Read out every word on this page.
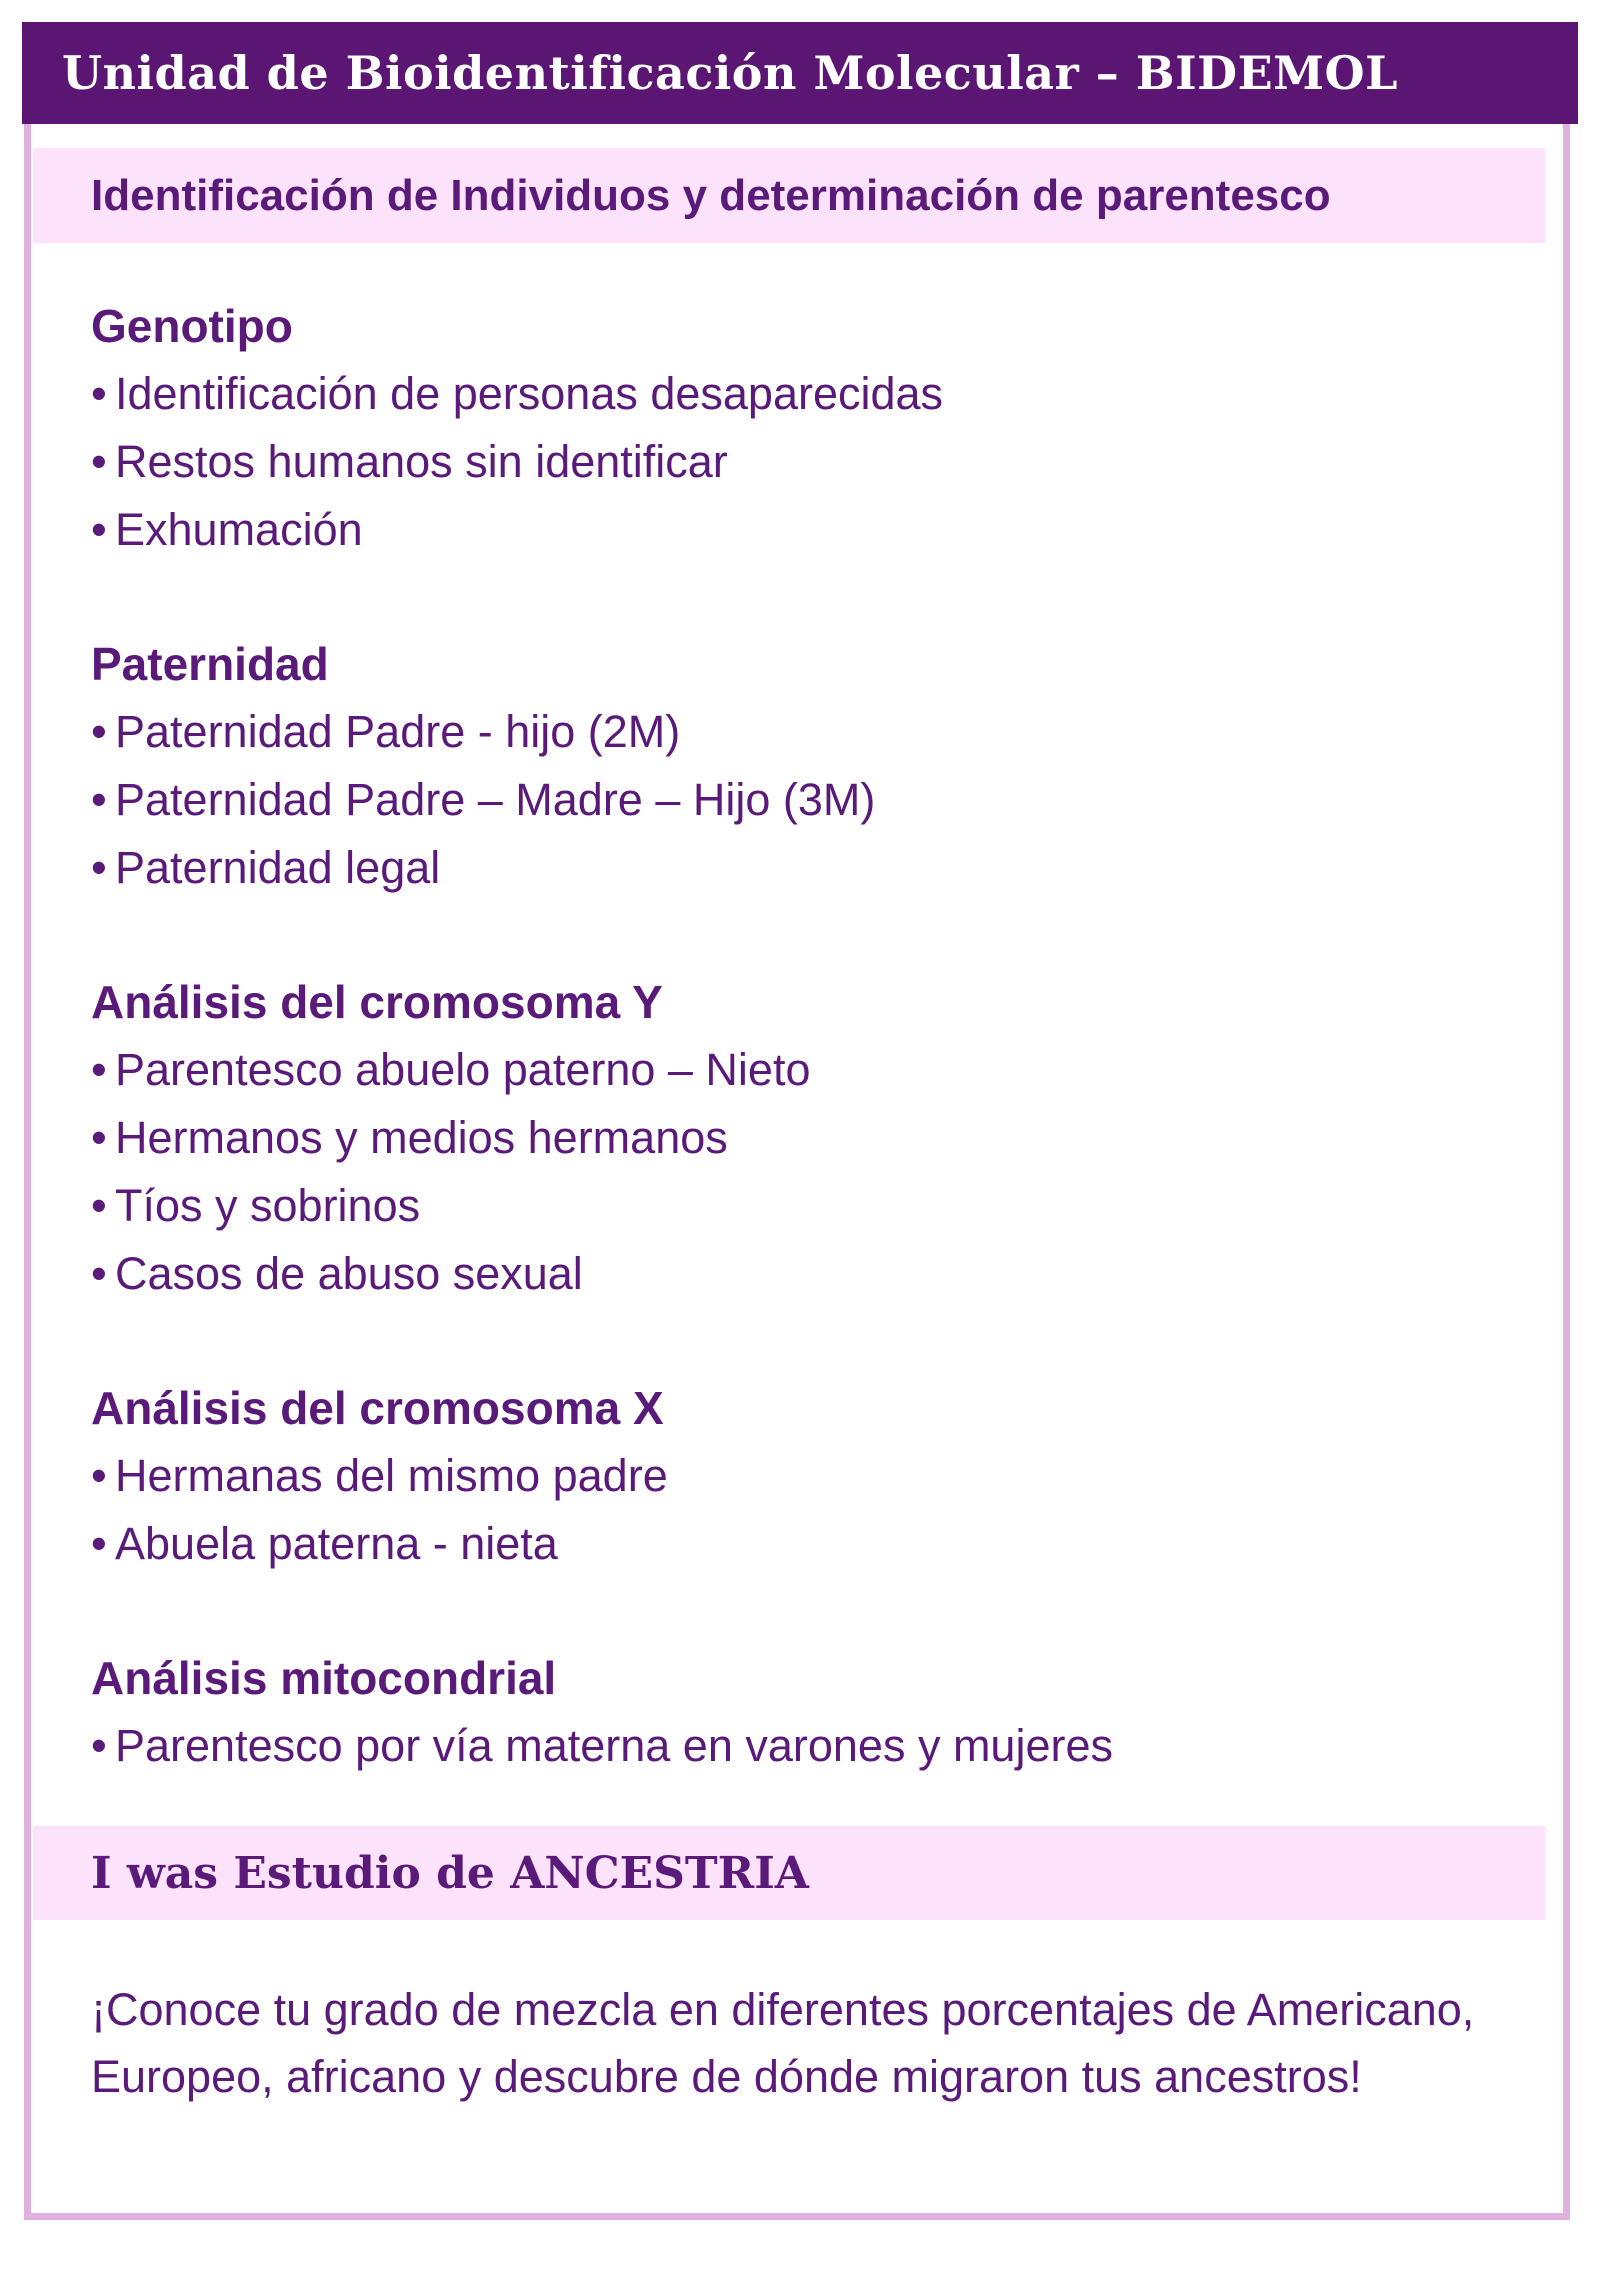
Unidad de Bioidentificación Molecular – BIDEMOL
Identificación de Individuos y determinación de parentesco
Genotipo
• Identificación de personas desaparecidas
• Restos humanos sin identificar
• Exhumación
Paternidad
• Paternidad Padre - hijo (2M)
• Paternidad Padre – Madre – Hijo (3M)
• Paternidad legal
Análisis del cromosoma Y
• Parentesco abuelo paterno – Nieto
• Hermanos y medios hermanos
• Tíos y sobrinos
• Casos de abuso sexual
Análisis del cromosoma X
• Hermanas del mismo padre
• Abuela paterna - nieta
Análisis mitocondrial
• Parentesco por vía materna en varones y mujeres
I was Estudio de ANCESTRIA
¡Conoce tu grado de mezcla en diferentes porcentajes de Americano, Europeo, africano y descubre de dónde migraron tus ancestros!
